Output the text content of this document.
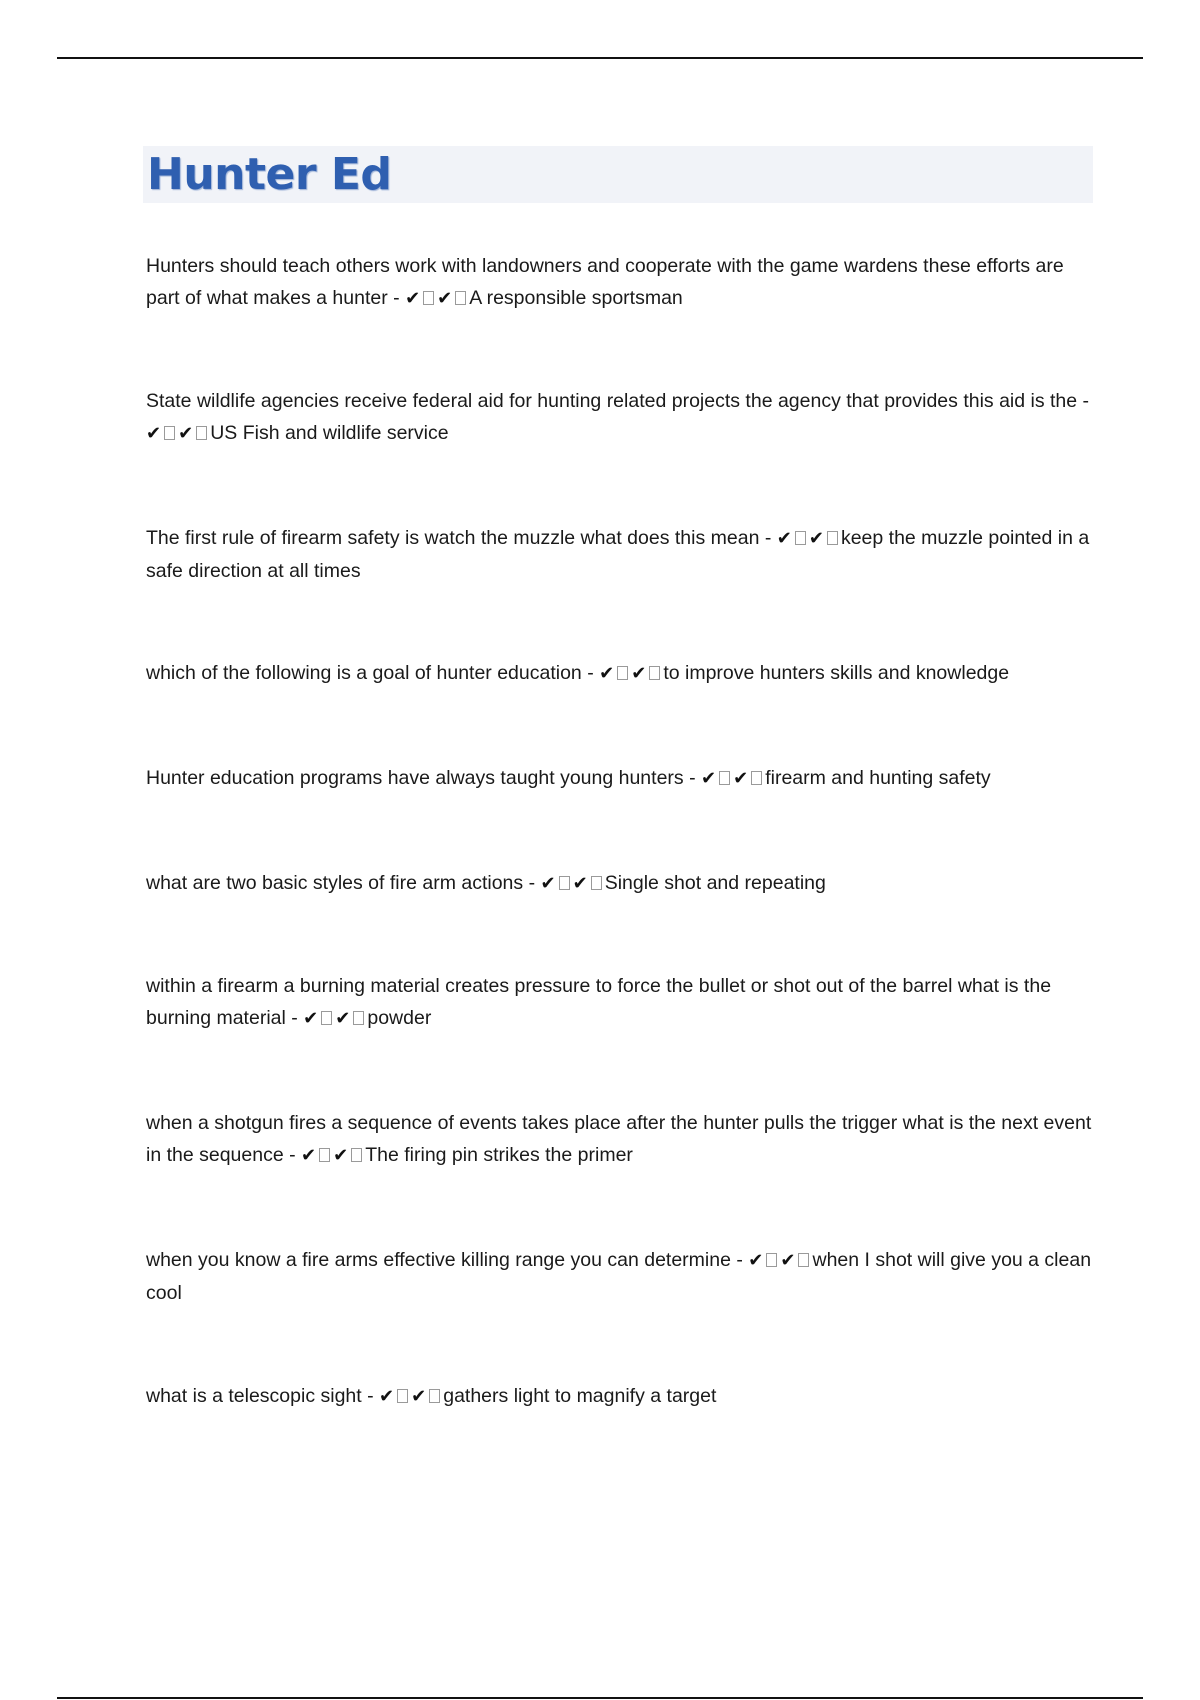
Hunter Ed

Hunters should teach others work with landowners and cooperate with the game wardens these efforts are part of what makes a hunter - ✔ ✔ A responsible sportsman

State wildlife agencies receive federal aid for hunting related projects the agency that provides this aid is the - ✔ ✔ US Fish and wildlife service

The first rule of firearm safety is watch the muzzle what does this mean - ✔ ✔ keep the muzzle pointed in a safe direction at all times

which of the following is a goal of hunter education - ✔ ✔ to improve hunters skills and knowledge

Hunter education programs have always taught young hunters - ✔ ✔ firearm and hunting safety

what are two basic styles of fire arm actions - ✔ ✔ Single shot and repeating

within a firearm a burning material creates pressure to force the bullet or shot out of the barrel what is the burning material - ✔ ✔ powder

when a shotgun fires a sequence of events takes place after the hunter pulls the trigger what is the next event in the sequence - ✔ ✔ The firing pin strikes the primer

when you know a fire arms effective killing range you can determine - ✔ ✔ when I shot will give you a clean cool

what is a telescopic sight - ✔ ✔ gathers light to magnify a target
